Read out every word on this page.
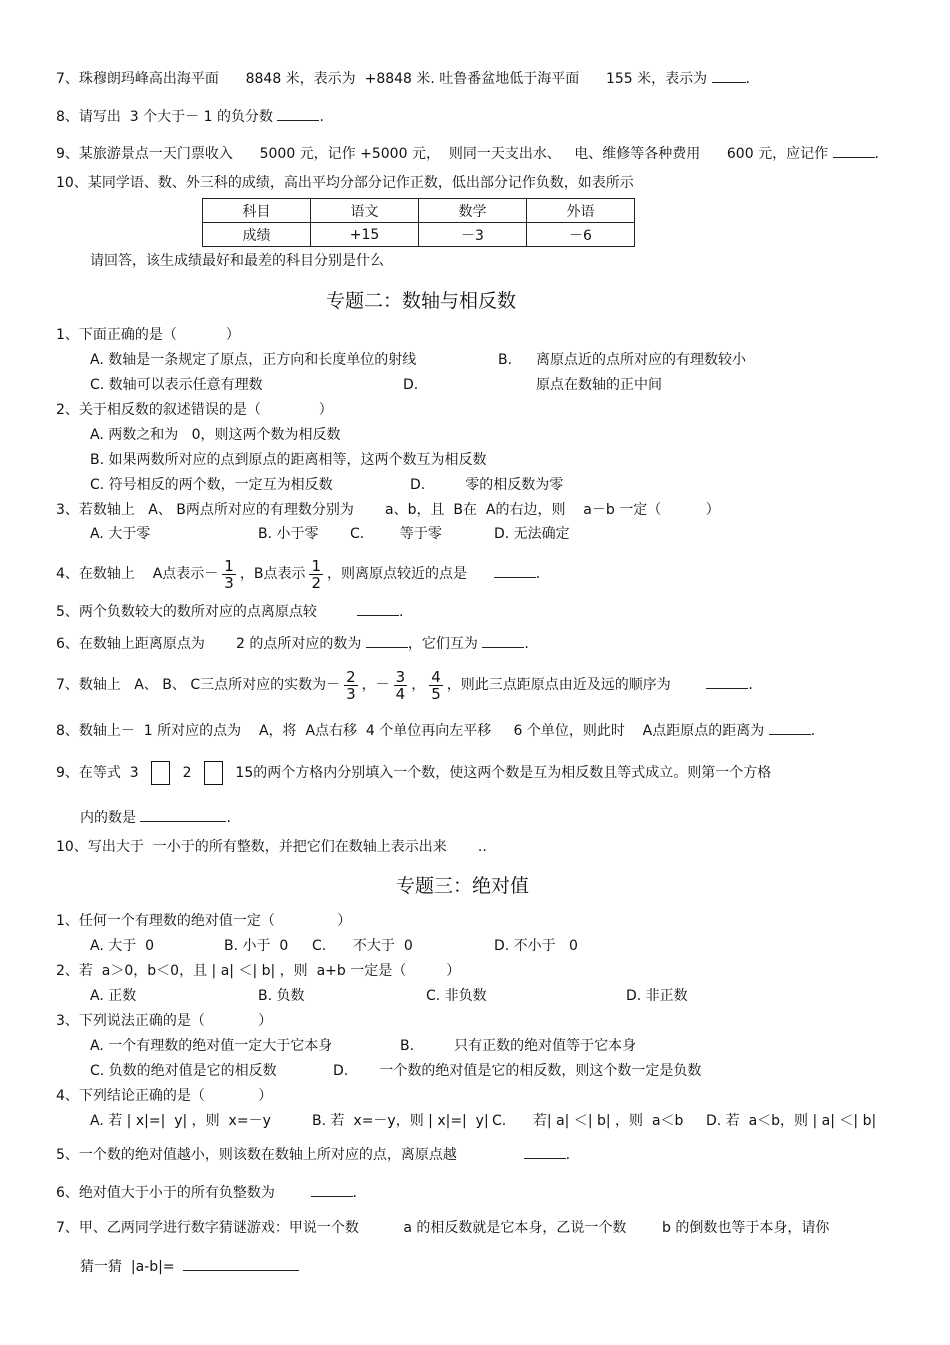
7、珠穆朗玛峰高出海平面      8848 米，表示为  +8848 米. 吐鲁番盆地低于海平面      155 米，表示为 .
8、请写出  3 个大于－ 1 的负分数	.
9、某旅游景点一天门票收入      5000 元，记作 +5000 元，  则同一天支出水、   电、维修等各种费用      600 元，应记作	.
10、某同学语、数、外三科的成绩，高出平均分部分记作正数，低出部分记作负数，如表所示
科目	语文	数学	外语
成绩	+15	－3	－6
请回答，该生成绩最好和最差的科目分别是什么
专题二：数轴与相反数
1、下面正确的是（           ）
A. 数轴是一条规定了原点，正方向和长度单位的射线	B. 离原点近的点所对应的有理数较小
C. 数轴可以表示任意有理数	D.	原点在数轴的正中间
2、关于相反数的叙述错误的是（             ）
A. 两数之和为   0，则这两个数为相反数
B. 如果两数所对应的点到原点的距离相等，这两个数互为相反数
C. 符号相反的两个数，一定互为相反数	D.         零的相反数为零
3、若数轴上   A、 B两点所对应的有理数分别为       a、b，且  B在  A的右边，则    a－b 一定（          ）
A. 大于零	B. 小于零 C.        等于零	D. 无法确定
4、在数轴上    A点表示－ $\frac{1}{3}$ ，B点表示 $\frac{1}{2}$ ，则离原点较近的点是	.
5、两个负数较大的数所对应的点离原点较	.
6、在数轴上距离原点为       2 的点所对应的数为	，它们互为	.
7、数轴上   A、 B、 C三点所对应的实数为－ $\frac{2}{3}$ ，－ $\frac{3}{4}$ ， $\frac{4}{5}$ ，则此三点距原点由近及远的顺序为	.
8、数轴上－  1 所对应的点为    A，将  A点右移  4 个单位再向左平移     6 个单位，则此时    A点距原点的距离为	.
9、在等式  3	2	15的两个方格内分别填入一个数，使这两个数是互为相反数且等式成立。则第一个方格
内的数是	.
10、写出大于  一小于的所有整数，并把它们在数轴上表示出来       ..
专题三：绝对值
1、任何一个有理数的绝对值一定（              ）
A. 大于  0	B. 小于  0 C.      不大于  0	D. 不小于   0
2、若  a＞0，b＜0，且 | a| ＜| b| ，则  a+b 一定是（         ）
A. 正数	B. 负数	C. 非负数	D. 非正数
3、下列说法正确的是（            ）
A. 一个有理数的绝对值一定大于它本身	B.         只有正数的绝对值等于它本身
C. 负数的绝对值是它的相反数	D.       一个数的绝对值是它的相反数，则这个数一定是负数
4、下列结论正确的是（            ）
A. 若 | x|=|  y| ，则  x=－y	B. 若  x=－y，则 | x|=|  y| C.      若| a| ＜| b| ，则  a＜b D. 若  a＜b，则 | a| ＜| b|
5、一个数的绝对值越小，则该数在数轴上所对应的点，离原点越	.
6、绝对值大于小于的所有负整数为	.
7、甲、乙两同学进行数字猜谜游戏：甲说一个数          a 的相反数就是它本身，乙说一个数        b 的倒数也等于本身，请你
猜一猜  |a-b|=
